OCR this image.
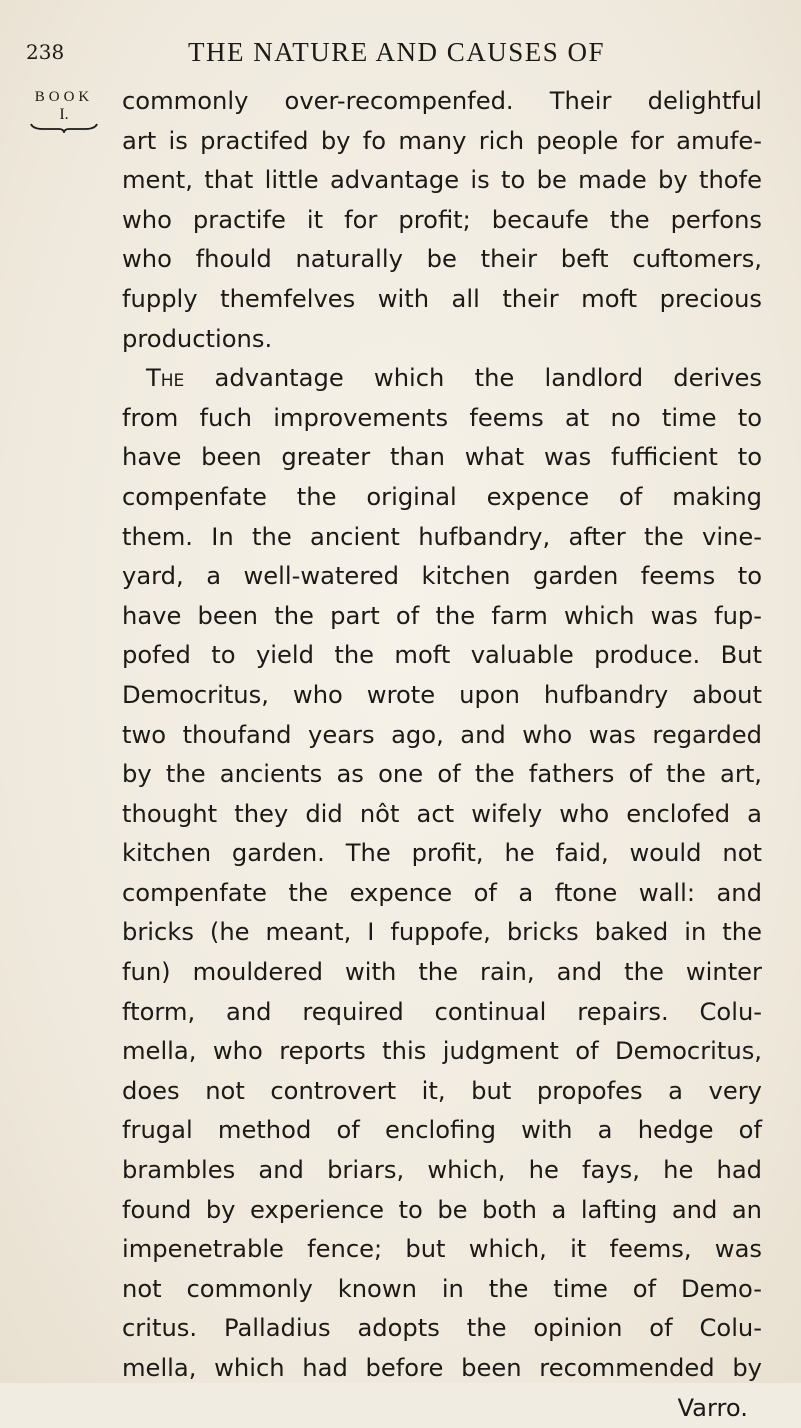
238	THE NATURE AND CAUSES OF
BOOK
I.	commonly over-recompenfed. Their delightful
art is practifed by fo many rich people for amufe-
ment, that little advantage is to be made by thofe
who practife it for profit; becaufe the perfons
who fhould naturally be their beft cuftomers,
fupply themfelves with all their moft precious
productions.
The advantage which the landlord derives
from fuch improvements feems at no time to
have been greater than what was fufficient to
compenfate the original expence of making
them. In the ancient hufbandry, after the vine-
yard, a well-watered kitchen garden feems to
have been the part of the farm which was fup-
pofed to yield the moft valuable produce. But
Democritus, who wrote upon hufbandry about
two thoufand years ago, and who was regarded
by the ancients as one of the fathers of the art,
thought they did nôt act wifely who enclofed a
kitchen garden. The profit, he faid, would not
compenfate the expence of a ftone wall: and
bricks (he meant, I fuppofe, bricks baked in the
fun) mouldered with the rain, and the winter
ftorm, and required continual repairs. Colu-
mella, who reports this judgment of Democritus,
does not controvert it, but propofes a very
frugal method of enclofing with a hedge of
brambles and briars, which, he fays, he had
found by experience to be both a lafting and an
impenetrable fence; but which, it feems, was
not commonly known in the time of Demo-
critus. Palladius adopts the opinion of Colu-
mella, which had before been recommended by
Varro.
